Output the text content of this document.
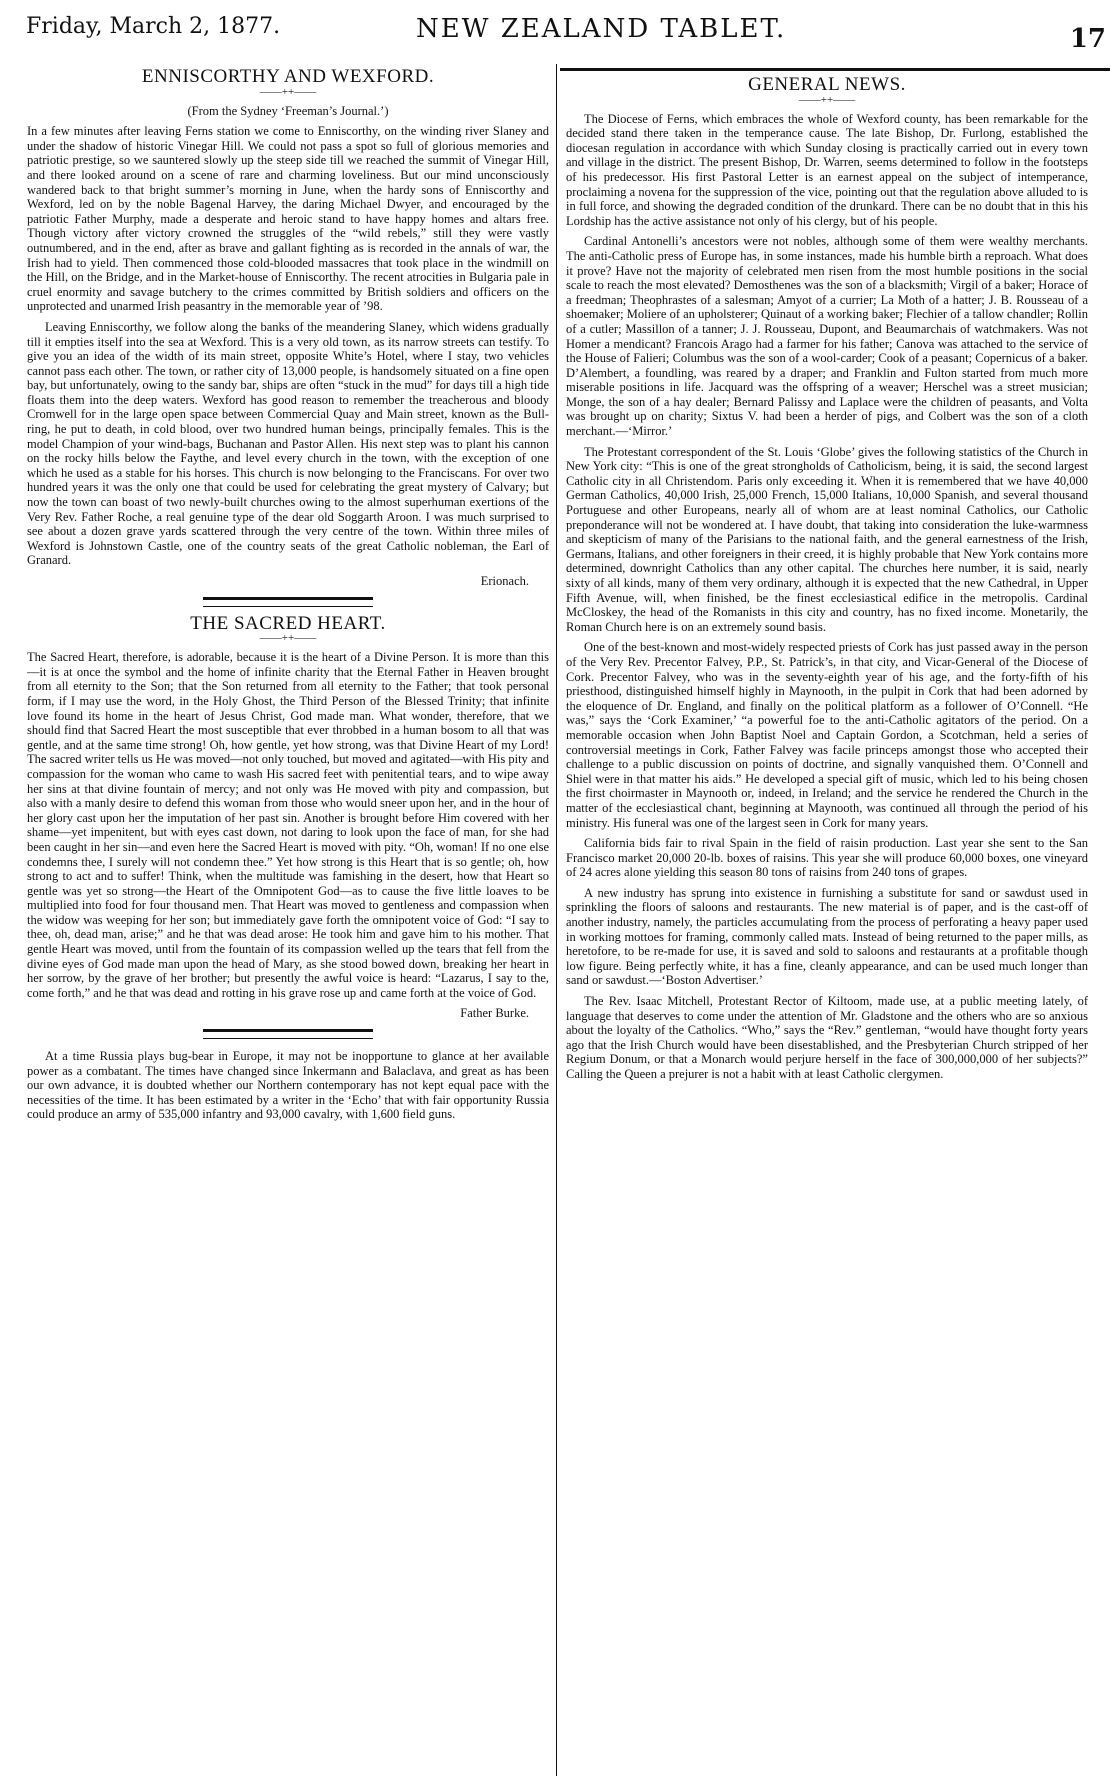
Friday, March 2, 1877.	NEW ZEALAND TABLET.	17
ENNISCORTHY AND WEXFORD.
——++——
(From the Sydney ‘Freeman’s Journal.’)

In a few minutes after leaving Ferns station we come to Enniscorthy, on the winding river Slaney and under the shadow of historic Vinegar Hill. We could not pass a spot so full of glorious memories and patriotic prestige, so we sauntered slowly up the steep side till we reached the summit of Vinegar Hill, and there looked around on a scene of rare and charming loveliness. But our mind unconsciously wandered back to that bright summer’s morning in June, when the hardy sons of Enniscorthy and Wexford, led on by the noble Bagenal Harvey, the daring Michael Dwyer, and encouraged by the patriotic Father Murphy, made a desperate and heroic stand to have happy homes and altars free. Though victory after victory crowned the struggles of the “wild rebels,” still they were vastly outnumbered, and in the end, after as brave and gallant fighting as is recorded in the annals of war, the Irish had to yield. Then commenced those cold-blooded massacres that took place in the windmill on the Hill, on the Bridge, and in the Market-house of Enniscorthy. The recent atrocities in Bulgaria pale in cruel enormity and savage butchery to the crimes committed by British soldiers and officers on the unprotected and unarmed Irish peasantry in the memorable year of ’98.

Leaving Enniscorthy, we follow along the banks of the meandering Slaney, which widens gradually till it empties itself into the sea at Wexford. This is a very old town, as its narrow streets can testify. To give you an idea of the width of its main street, opposite White’s Hotel, where I stay, two vehicles cannot pass each other. The town, or rather city of 13,000 people, is handsomely situated on a fine open bay, but unfortunately, owing to the sandy bar, ships are often “stuck in the mud” for days till a high tide floats them into the deep waters. Wexford has good reason to remember the treacherous and bloody Cromwell for in the large open space between Commercial Quay and Main street, known as the Bull-ring, he put to death, in cold blood, over two hundred human beings, principally females. This is the model Champion of your wind-bags, Buchanan and Pastor Allen. His next step was to plant his cannon on the rocky hills below the Faythe, and level every church in the town, with the exception of one which he used as a stable for his horses. This church is now belonging to the Franciscans. For over two hundred years it was the only one that could be used for celebrating the great mystery of Calvary; but now the town can boast of two newly-built churches owing to the almost superhuman exertions of the Very Rev. Father Roche, a real genuine type of the dear old Soggarth Aroon. I was much surprised to see about a dozen grave yards scattered through the very centre of the town. Within three miles of Wexford is Johnstown Castle, one of the country seats of the great Catholic nobleman, the Earl of Granard.

Erionach.
THE SACRED HEART.
——++——

The Sacred Heart, therefore, is adorable, because it is the heart of a Divine Person. It is more than this—it is at once the symbol and the home of infinite charity that the Eternal Father in Heaven brought from all eternity to the Son; that the Son returned from all eternity to the Father; that took personal form, if I may use the word, in the Holy Ghost, the Third Person of the Blessed Trinity; that infinite love found its home in the heart of Jesus Christ, God made man. What wonder, therefore, that we should find that Sacred Heart the most susceptible that ever throbbed in a human bosom to all that was gentle, and at the same time strong! Oh, how gentle, yet how strong, was that Divine Heart of my Lord! The sacred writer tells us He was moved—not only touched, but moved and agitated—with His pity and compassion for the woman who came to wash His sacred feet with penitential tears, and to wipe away her sins at that divine fountain of mercy; and not only was He moved with pity and compassion, but also with a manly desire to defend this woman from those who would sneer upon her, and in the hour of her glory cast upon her the imputation of her past sin. Another is brought before Him covered with her shame—yet impenitent, but with eyes cast down, not daring to look upon the face of man, for she had been caught in her sin—and even here the Sacred Heart is moved with pity. “Oh, woman! If no one else condemns thee, I surely will not condemn thee.” Yet how strong is this Heart that is so gentle; oh, how strong to act and to suffer! Think, when the multitude was famishing in the desert, how that Heart so gentle was yet so strong—the Heart of the Omnipotent God—as to cause the five little loaves to be multiplied into food for four thousand men. That Heart was moved to gentleness and compassion when the widow was weeping for her son; but immediately gave forth the omnipotent voice of God: “I say to thee, oh, dead man, arise;” and he that was dead arose: He took him and gave him to his mother. That gentle Heart was moved, until from the fountain of its compassion welled up the tears that fell from the divine eyes of God made man upon the head of Mary, as she stood bowed down, breaking her heart in her sorrow, by the grave of her brother; but presently the awful voice is heard: “Lazarus, I say to the, come forth,” and he that was dead and rotting in his grave rose up and came forth at the voice of God.

Father Burke.

At a time Russia plays bug-bear in Europe, it may not be inopportune to glance at her available power as a combatant. The times have changed since Inkermann and Balaclava, and great as has been our own advance, it is doubted whether our Northern contemporary has not kept equal pace with the necessities of the time. It has been estimated by a writer in the ‘Echo’ that with fair opportunity Russia could produce an army of 535,000 infantry and 93,000 cavalry, with 1,600 field guns.

GENERAL NEWS.
——++——

The Diocese of Ferns, which embraces the whole of Wexford county, has been remarkable for the decided stand there taken in the temperance cause. The late Bishop, Dr. Furlong, established the diocesan regulation in accordance with which Sunday closing is practically carried out in every town and village in the district. The present Bishop, Dr. Warren, seems determined to follow in the footsteps of his predecessor. His first Pastoral Letter is an earnest appeal on the subject of intemperance, proclaiming a novena for the suppression of the vice, pointing out that the regulation above alluded to is in full force, and showing the degraded condition of the drunkard. There can be no doubt that in this his Lordship has the active assistance not only of his clergy, but of his people.

Cardinal Antonelli’s ancestors were not nobles, although some of them were wealthy merchants. The anti-Catholic press of Europe has, in some instances, made his humble birth a reproach. What does it prove? Have not the majority of celebrated men risen from the most humble positions in the social scale to reach the most elevated? Demosthenes was the son of a blacksmith; Virgil of a baker; Horace of a freedman; Theophrastes of a salesman; Amyot of a currier; La Moth of a hatter; J. B. Rousseau of a shoemaker; Moliere of an upholsterer; Quinaut of a working baker; Flechier of a tallow chandler; Rollin of a cutler; Massillon of a tanner; J. J. Rousseau, Dupont, and Beaumarchais of watchmakers. Was not Homer a mendicant? Francois Arago had a farmer for his father; Canova was attached to the service of the House of Falieri; Columbus was the son of a wool-carder; Cook of a peasant; Copernicus of a baker. D’Alembert, a foundling, was reared by a draper; and Franklin and Fulton started from much more miserable positions in life. Jacquard was the offspring of a weaver; Herschel was a street musician; Monge, the son of a hay dealer; Bernard Palissy and Laplace were the children of peasants, and Volta was brought up on charity; Sixtus V. had been a herder of pigs, and Colbert was the son of a cloth merchant.—‘Mirror.’

The Protestant correspondent of the St. Louis ‘Globe’ gives the following statistics of the Church in New York city: “This is one of the great strongholds of Catholicism, being, it is said, the second largest Catholic city in all Christendom. Paris only exceeding it. When it is remembered that we have 40,000 German Catholics, 40,000 Irish, 25,000 French, 15,000 Italians, 10,000 Spanish, and several thousand Portuguese and other Europeans, nearly all of whom are at least nominal Catholics, our Catholic preponderance will not be wondered at. I have doubt, that taking into consideration the luke-warmness and skepticism of many of the Parisians to the national faith, and the general earnestness of the Irish, Germans, Italians, and other foreigners in their creed, it is highly probable that New York contains more determined, downright Catholics than any other capital. The churches here number, it is said, nearly sixty of all kinds, many of them very ordinary, although it is expected that the new Cathedral, in Upper Fifth Avenue, will, when finished, be the finest ecclesiastical edifice in the metropolis. Cardinal McCloskey, the head of the Romanists in this city and country, has no fixed income. Monetarily, the Roman Church here is on an extremely sound basis.

One of the best-known and most-widely respected priests of Cork has just passed away in the person of the Very Rev. Precentor Falvey, P.P., St. Patrick’s, in that city, and Vicar-General of the Diocese of Cork. Precentor Falvey, who was in the seventy-eighth year of his age, and the forty-fifth of his priesthood, distinguished himself highly in Maynooth, in the pulpit in Cork that had been adorned by the eloquence of Dr. England, and finally on the political platform as a follower of O’Connell. “He was,” says the ‘Cork Examiner,’ “a powerful foe to the anti-Catholic agitators of the period. On a memorable occasion when John Baptist Noel and Captain Gordon, a Scotchman, held a series of controversial meetings in Cork, Father Falvey was facile princeps amongst those who accepted their challenge to a public discussion on points of doctrine, and signally vanquished them. O’Connell and Shiel were in that matter his aids.” He developed a special gift of music, which led to his being chosen the first choirmaster in Maynooth or, indeed, in Ireland; and the service he rendered the Church in the matter of the ecclesiastical chant, beginning at Maynooth, was continued all through the period of his ministry. His funeral was one of the largest seen in Cork for many years.

California bids fair to rival Spain in the field of raisin production. Last year she sent to the San Francisco market 20,000 20-lb. boxes of raisins. This year she will produce 60,000 boxes, one vineyard of 24 acres alone yielding this season 80 tons of raisins from 240 tons of grapes.

A new industry has sprung into existence in furnishing a substitute for sand or sawdust used in sprinkling the floors of saloons and restaurants. The new material is of paper, and is the cast-off of another industry, namely, the particles accumulating from the process of perforating a heavy paper used in working mottoes for framing, commonly called mats. Instead of being returned to the paper mills, as heretofore, to be re-made for use, it is saved and sold to saloons and restaurants at a profitable though low figure. Being perfectly white, it has a fine, cleanly appearance, and can be used much longer than sand or sawdust.—‘Boston Advertiser.’

The Rev. Isaac Mitchell, Protestant Rector of Kiltoom, made use, at a public meeting lately, of language that deserves to come under the attention of Mr. Gladstone and the others who are so anxious about the loyalty of the Catholics. “Who,” says the “Rev.” gentleman, “would have thought forty years ago that the Irish Church would have been disestablished, and the Presbyterian Church stripped of her Regium Donum, or that a Monarch would perjure herself in the face of 300,000,000 of her subjects?” Calling the Queen a prejurer is not a habit with at least Catholic clergymen.
